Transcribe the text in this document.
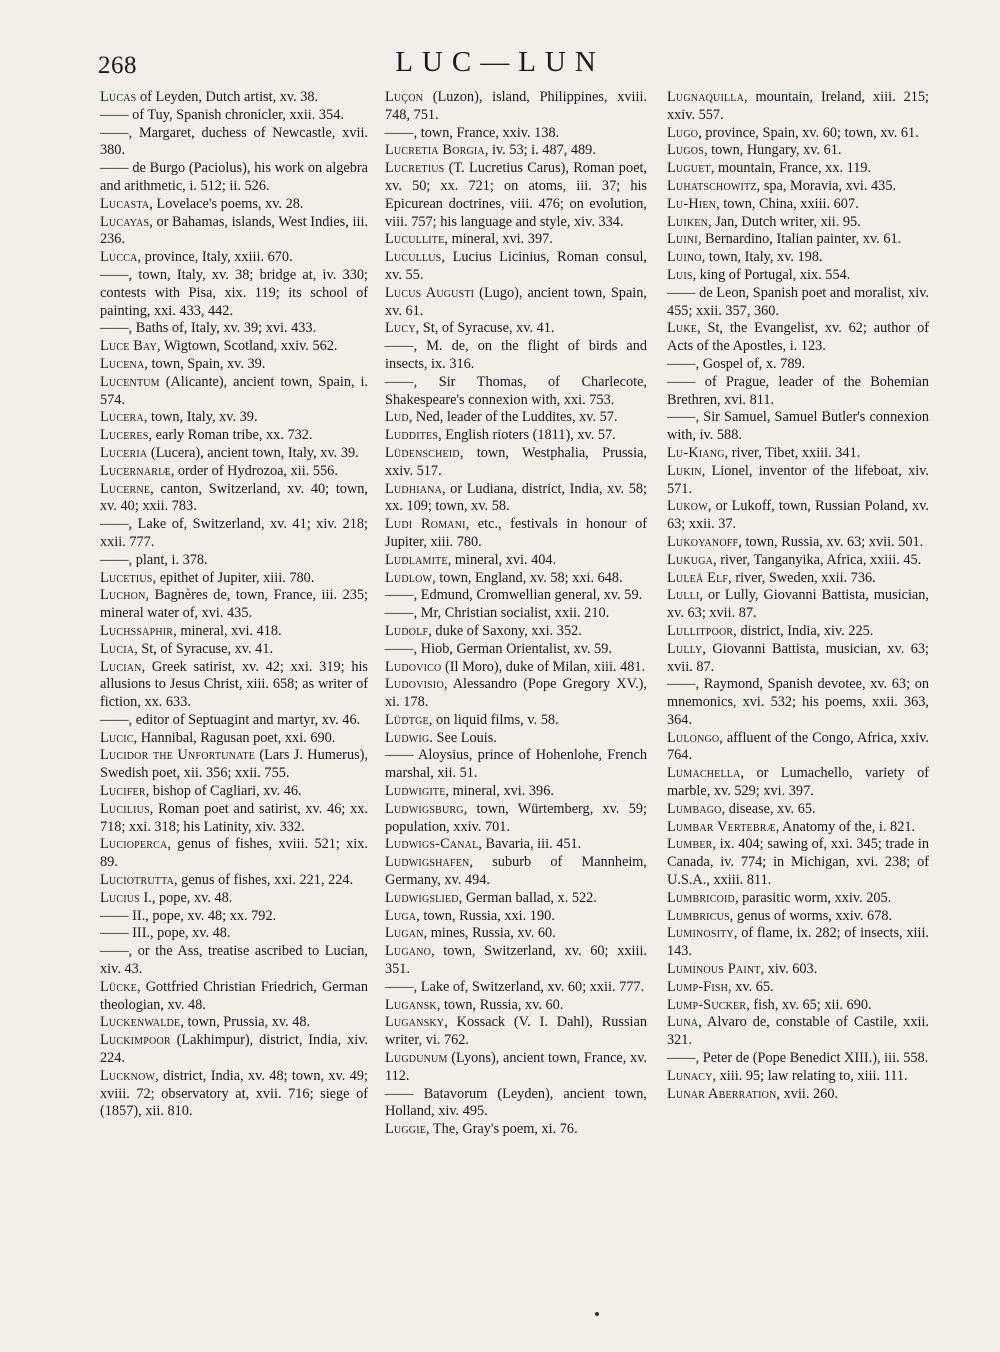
268	LUC—LUN

Lucas of Leyden, Dutch artist, xv. 38.

—— of Tuy, Spanish chronicler, xxii. 354.

——, Margaret, duchess of Newcastle, xvii. 380.

—— de Burgo (Paciolus), his work on algebra and arithmetic, i. 512; ii. 526.

Lucasta, Lovelace's poems, xv. 28.

Lucayas, or Bahamas, islands, West Indies, iii. 236.

Lucca, province, Italy, xxiii. 670.

——, town, Italy, xv. 38; bridge at, iv. 330; contests with Pisa, xix. 119; its school of painting, xxi. 433, 442.

——, Baths of, Italy, xv. 39; xvi. 433.

Luce Bay, Wigtown, Scotland, xxiv. 562.

Lucena, town, Spain, xv. 39.

Lucentum (Alicante), ancient town, Spain, i. 574.

Lucera, town, Italy, xv. 39.

Luceres, early Roman tribe, xx. 732.

Luceria (Lucera), ancient town, Italy, xv. 39.

Lucernariæ, order of Hydrozoa, xii. 556.

Lucerne, canton, Switzerland, xv. 40; town, xv. 40; xxii. 783.

——, Lake of, Switzerland, xv. 41; xiv. 218; xxii. 777.

——, plant, i. 378.

Lucetius, epithet of Jupiter, xiii. 780.

Luchon, Bagnères de, town, France, iii. 235; mineral water of, xvi. 435.

Luchssaphir, mineral, xvi. 418.

Lucia, St, of Syracuse, xv. 41.

Lucian, Greek satirist, xv. 42; xxi. 319; his allusions to Jesus Christ, xiii. 658; as writer of fiction, xx. 633.

——, editor of Septuagint and martyr, xv. 46.

Lucic, Hannibal, Ragusan poet, xxi. 690.

Lucidor the Unfortunate (Lars J. Humerus), Swedish poet, xii. 356; xxii. 755.

Lucifer, bishop of Cagliari, xv. 46.

Lucilius, Roman poet and satirist, xv. 46; xx. 718; xxi. 318; his Latinity, xiv. 332.

Lucioperca, genus of fishes, xviii. 521; xix. 89.

Luciotrutta, genus of fishes, xxi. 221, 224.

Lucius I., pope, xv. 48.

—— II., pope, xv. 48; xx. 792.

—— III., pope, xv. 48.

——, or the Ass, treatise ascribed to Lucian, xiv. 43.

Lücke, Gottfried Christian Friedrich, German theologian, xv. 48.

Luckenwalde, town, Prussia, xv. 48.

Luckimpoor (Lakhimpur), district, India, xiv. 224.

Lucknow, district, India, xv. 48; town, xv. 49; xviii. 72; observatory at, xvii. 716; siege of (1857), xii. 810.

Luçon (Luzon), island, Philippines, xviii. 748, 751.

——, town, France, xxiv. 138.

Lucretia Borgia, iv. 53; i. 487, 489.

Lucretius (T. Lucretius Carus), Roman poet, xv. 50; xx. 721; on atoms, iii. 37; his Epicurean doctrines, viii. 476; on evolution, viii. 757; his language and style, xiv. 334.

Lucullite, mineral, xvi. 397.

Lucullus, Lucius Licinius, Roman consul, xv. 55.

Lucus Augusti (Lugo), ancient town, Spain, xv. 61.

Lucy, St, of Syracuse, xv. 41.

——, M. de, on the flight of birds and insects, ix. 316.

——, Sir Thomas, of Charlecote, Shakespeare's connexion with, xxi. 753.

Lud, Ned, leader of the Luddites, xv. 57.

Luddites, English rioters (1811), xv. 57.

Lüdenscheid, town, Westphalia, Prussia, xxiv. 517.

Ludhiana, or Ludiana, district, India, xv. 58; xx. 109; town, xv. 58.

Ludi Romani, etc., festivals in honour of Jupiter, xiii. 780.

Ludlamite, mineral, xvi. 404.

Ludlow, town, England, xv. 58; xxi. 648.

——, Edmund, Cromwellian general, xv. 59.

——, Mr, Christian socialist, xxii. 210.

Ludolf, duke of Saxony, xxi. 352.

——, Hiob, German Orientalist, xv. 59.

Ludovico (Il Moro), duke of Milan, xiii. 481.

Ludovisio, Alessandro (Pope Gregory XV.), xi. 178.

Lüdtge, on liquid films, v. 58.

Ludwig. See Louis.

—— Aloysius, prince of Hohenlohe, French marshal, xii. 51.

Ludwigite, mineral, xvi. 396.

Ludwigsburg, town, Würtemberg, xv. 59; population, xxiv. 701.

Ludwigs-Canal, Bavaria, iii. 451.

Ludwigshafen, suburb of Mannheim, Germany, xv. 494.

Ludwigslied, German ballad, x. 522.

Luga, town, Russia, xxi. 190.

Lugan, mines, Russia, xv. 60.

Lugano, town, Switzerland, xv. 60; xxiii. 351.

——, Lake of, Switzerland, xv. 60; xxii. 777.

Lugansk, town, Russia, xv. 60.

Lugansky, Kossack (V. I. Dahl), Russian writer, vi. 762.

Lugdunum (Lyons), ancient town, France, xv. 112.

—— Batavorum (Leyden), ancient town, Holland, xiv. 495.

Luggie, The, Gray's poem, xi. 76.

Lugnaquilla, mountain, Ireland, xiii. 215; xxiv. 557.

Lugo, province, Spain, xv. 60; town, xv. 61.

Lugos, town, Hungary, xv. 61.

Luguet, mountain, France, xx. 119.

Luhatschowitz, spa, Moravia, xvi. 435.

Lu-Hien, town, China, xxiii. 607.

Luiken, Jan, Dutch writer, xii. 95.

Luini, Bernardino, Italian painter, xv. 61.

Luino, town, Italy, xv. 198.

Luis, king of Portugal, xix. 554.

—— de Leon, Spanish poet and moralist, xiv. 455; xxii. 357, 360.

Luke, St, the Evangelist, xv. 62; author of Acts of the Apostles, i. 123.

——, Gospel of, x. 789.

—— of Prague, leader of the Bohemian Brethren, xvi. 811.

——, Sir Samuel, Samuel Butler's connexion with, iv. 588.

Lu-Kiang, river, Tibet, xxiii. 341.

Lukin, Lionel, inventor of the lifeboat, xiv. 571.

Lukow, or Lukoff, town, Russian Poland, xv. 63; xxii. 37.

Lukoyanoff, town, Russia, xv. 63; xvii. 501.

Lukuga, river, Tanganyika, Africa, xxiii. 45.

Luleå Elf, river, Sweden, xxii. 736.

Lulli, or Lully, Giovanni Battista, musician, xv. 63; xvii. 87.

Lullitpoor, district, India, xiv. 225.

Lully, Giovanni Battista, musician, xv. 63; xvii. 87.

——, Raymond, Spanish devotee, xv. 63; on mnemonics, xvi. 532; his poems, xxii. 363, 364.

Lulongo, affluent of the Congo, Africa, xxiv. 764.

Lumachella, or Lumachello, variety of marble, xv. 529; xvi. 397.

Lumbago, disease, xv. 65.

Lumbar Vertebræ, Anatomy of the, i. 821.

Lumber, ix. 404; sawing of, xxi. 345; trade in Canada, iv. 774; in Michigan, xvi. 238; of U.S.A., xxiii. 811.

Lumbricoid, parasitic worm, xxiv. 205.

Lumbricus, genus of worms, xxiv. 678.

Luminosity, of flame, ix. 282; of insects, xiii. 143.

Luminous Paint, xiv. 603.

Lump-Fish, xv. 65.

Lump-Sucker, fish, xv. 65; xii. 690.

Luna, Alvaro de, constable of Castile, xxii. 321.

——, Peter de (Pope Benedict XIII.), iii. 558.

Lunacy, xiii. 95; law relating to, xiii. 111.

Lunar Aberration, xvii. 260.
